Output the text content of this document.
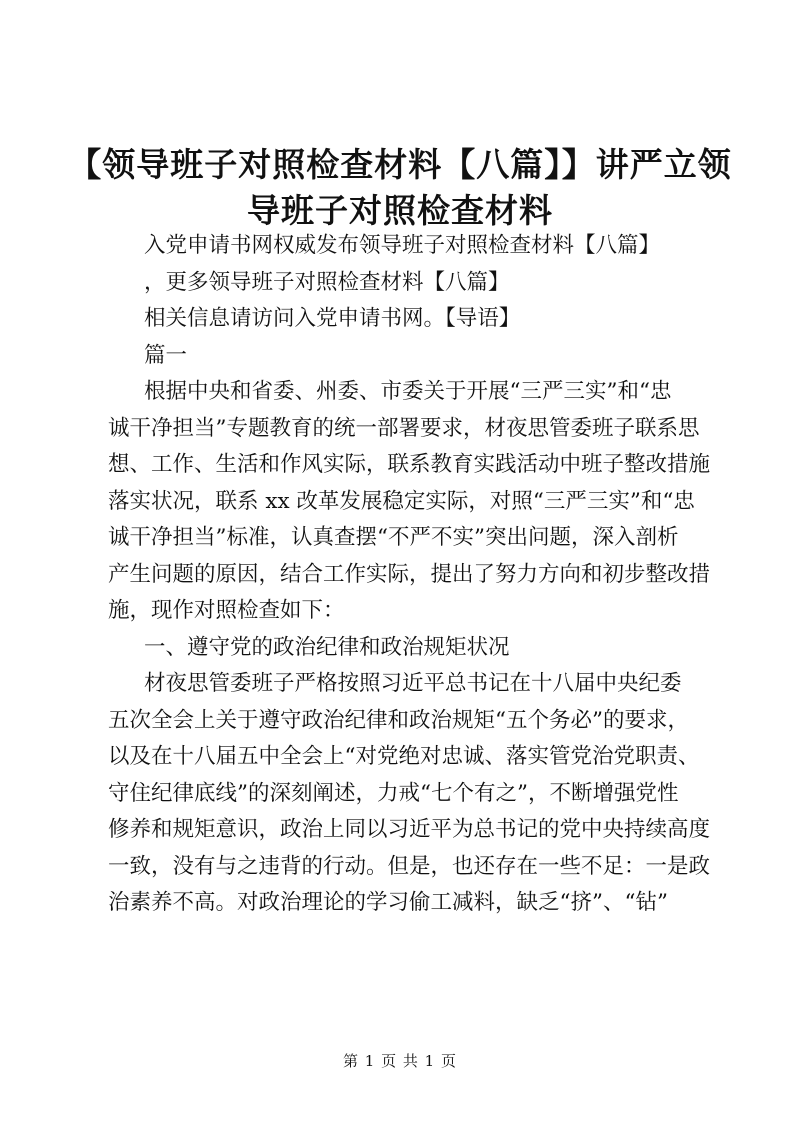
【领导班子对照检查材料【八篇】】讲严立领
导班子对照检查材料

入党申请书网权威发布领导班子对照检查材料【八篇】

，更多领导班子对照检查材料【八篇】

相关信息请访问入党申请书网。【导语】

篇一

根据中央和省委、州委、市委关于开展“三严三实”和“忠

诚干净担当”专题教育的统一部署要求，材夜思管委班子联系思
想、工作、生活和作风实际，联系教育实践活动中班子整改措施
落实状况，联系 xx 改革发展稳定实际，对照“三严三实”和“忠
诚干净担当”标准，认真查摆“不严不实”突出问题，深入剖析
产生问题的原因，结合工作实际，提出了努力方向和初步整改措
施，现作对照检查如下：

一、遵守党的政治纪律和政治规矩状况

材夜思管委班子严格按照习近平总书记在十八届中央纪委

五次全会上关于遵守政治纪律和政治规矩“五个务必”的要求，
以及在十八届五中全会上“对党绝对忠诚、落实管党治党职责、
守住纪律底线”的深刻阐述，力戒“七个有之”，不断增强党性
修养和规矩意识，政治上同以习近平为总书记的党中央持续高度
一致，没有与之违背的行动。但是，也还存在一些不足：一是政
治素养不高。对政治理论的学习偷工减料，缺乏“挤”、“钻”

第 1 页 共 1 页
